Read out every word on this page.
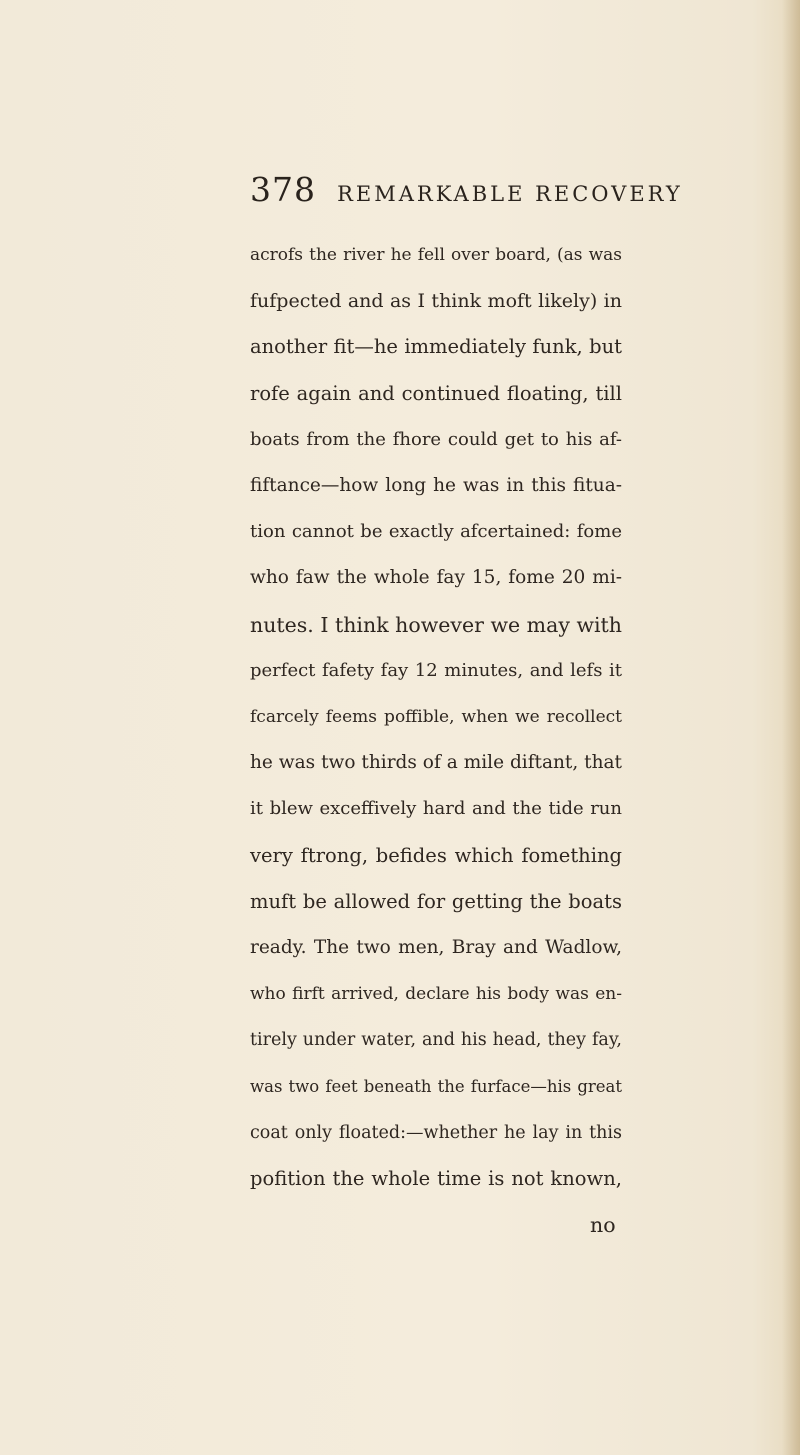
378 REMARKABLE RECOVERY
acrofs the river he fell over board, (as was
fufpected and as I think moft likely) in
another fit—he immediately funk, but
rofe again and continued floating, till
boats from the fhore could get to his af-
fiftance—how long he was in this fitua-
tion cannot be exactly afcertained: fome
who faw the whole fay 15, fome 20 mi-
nutes. I think however we may with
perfect fafety fay 12 minutes, and lefs it
fcarcely feems poffible, when we recollect
he was two thirds of a mile diftant, that
it blew exceffively hard and the tide run
very ftrong, befides which fomething
muft be allowed for getting the boats
ready. The two men, Bray and Wadlow,
who firft arrived, declare his body was en-
tirely under water, and his head, they fay,
was two feet beneath the furface—his great
coat only floated:—whether he lay in this
pofition the whole time is not known,
no
